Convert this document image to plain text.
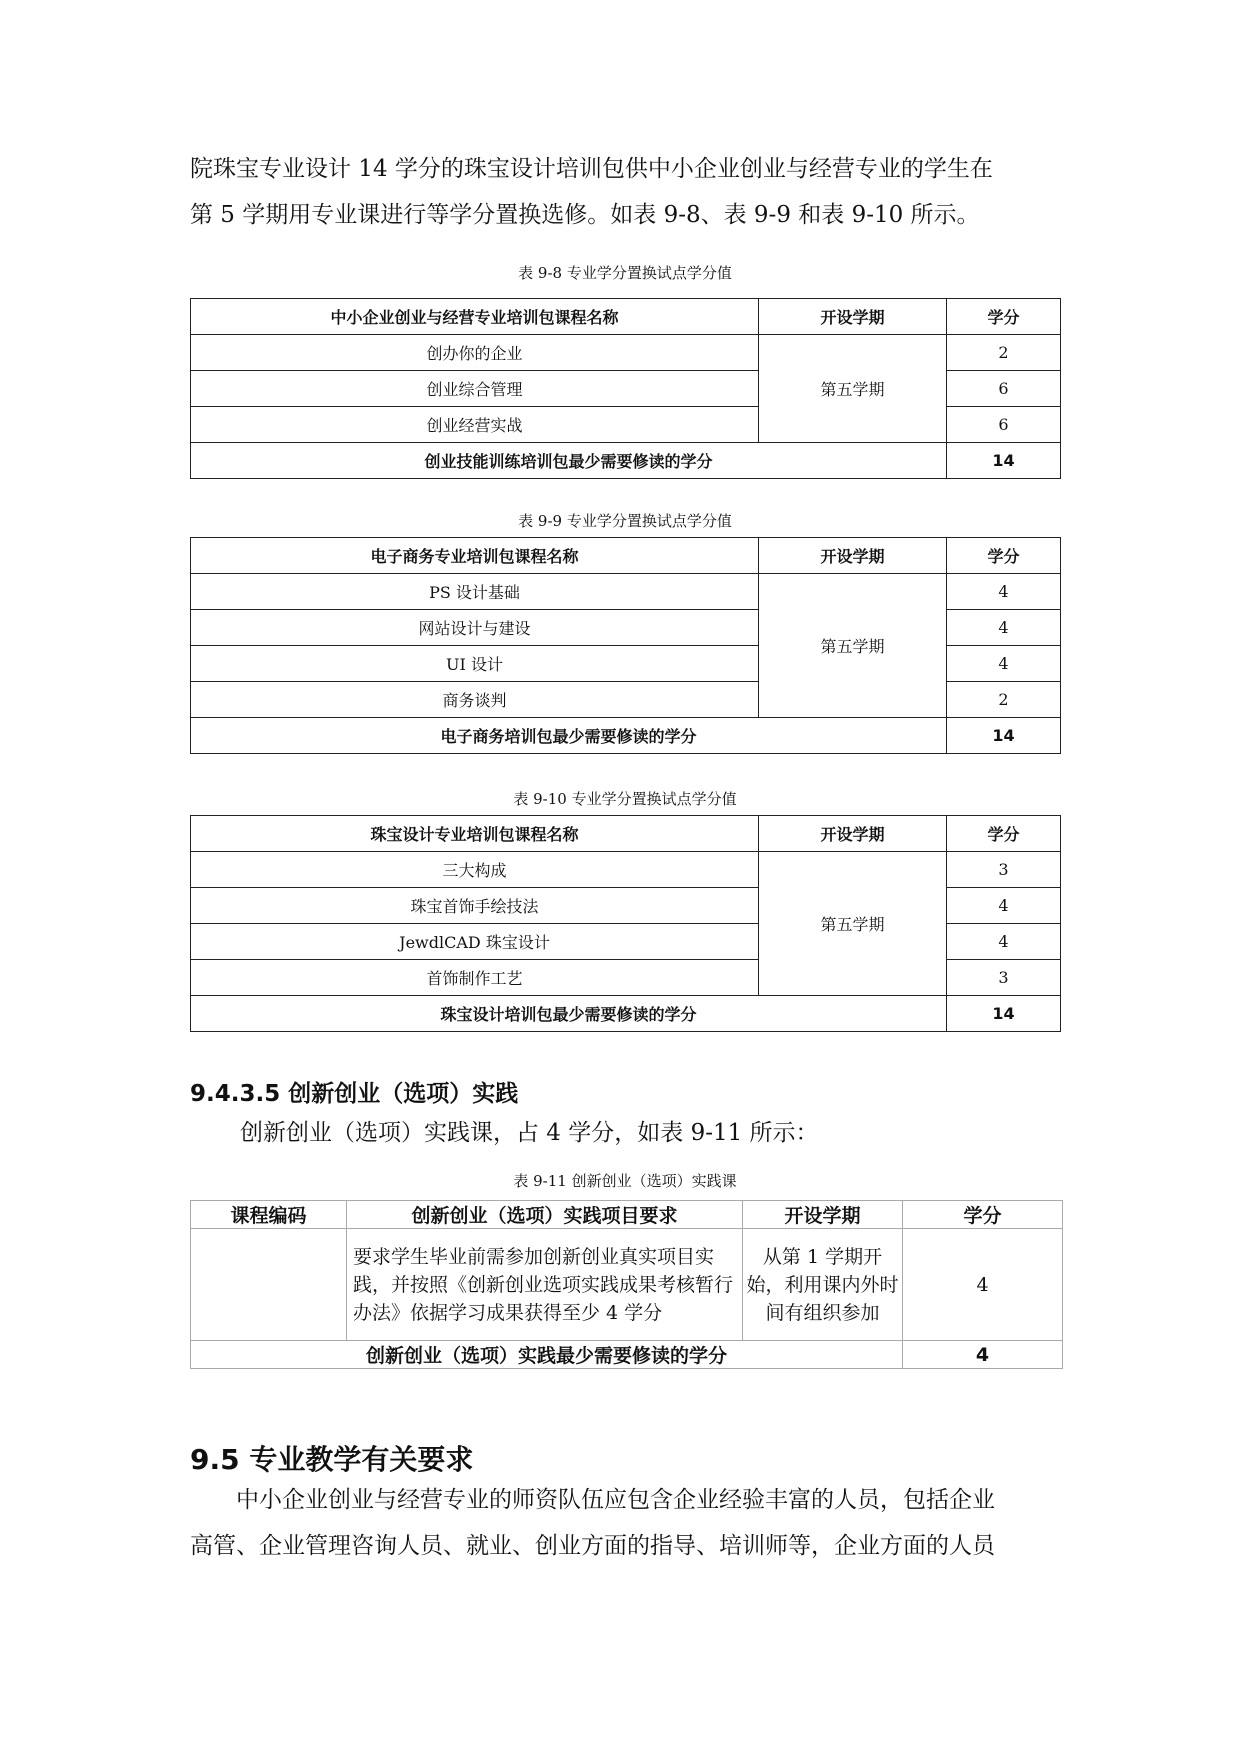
院珠宝专业设计 14 学分的珠宝设计培训包供中小企业创业与经营专业的学生在
第 5 学期用专业课进行等学分置换选修。如表 9-8、表 9-9 和表 9-10 所示。

表 9-8 专业学分置换试点学分值
中小企业创业与经营专业培训包课程名称	开设学期	学分
创办你的企业	第五学期	2
创业综合管理		6
创业经营实战		6
创业技能训练培训包最少需要修读的学分		14
表 9-9 专业学分置换试点学分值
电子商务专业培训包课程名称	开设学期	学分
PS 设计基础	第五学期	4
网站设计与建设		4
UI 设计		4
商务谈判		2
电子商务培训包最少需要修读的学分		14
表 9-10 专业学分置换试点学分值
珠宝设计专业培训包课程名称	开设学期	学分
三大构成	第五学期	3
珠宝首饰手绘技法		4
JewdlCAD 珠宝设计		4
首饰制作工艺		3
珠宝设计培训包最少需要修读的学分		14
9.4.3.5 创新创业（选项）实践

创新创业（选项）实践课，占 4 学分，如表 9-11 所示：

表 9-11 创新创业（选项）实践课
课程编码	创新创业（选项）实践项目要求	开设学期	学分
	要求学生毕业前需参加创新创业真实项目实践，并按照《创新创业选项实践成果考核暂行办法》依据学习成果获得至少 4 学分	从第 1 学期开始，利用课内外时间有组织参加	4
创新创业（选项）实践最少需要修读的学分			4
9.5 专业教学有关要求

中小企业创业与经营专业的师资队伍应包含企业经验丰富的人员，包括企业
高管、企业管理咨询人员、就业、创业方面的指导、培训师等，企业方面的人员
